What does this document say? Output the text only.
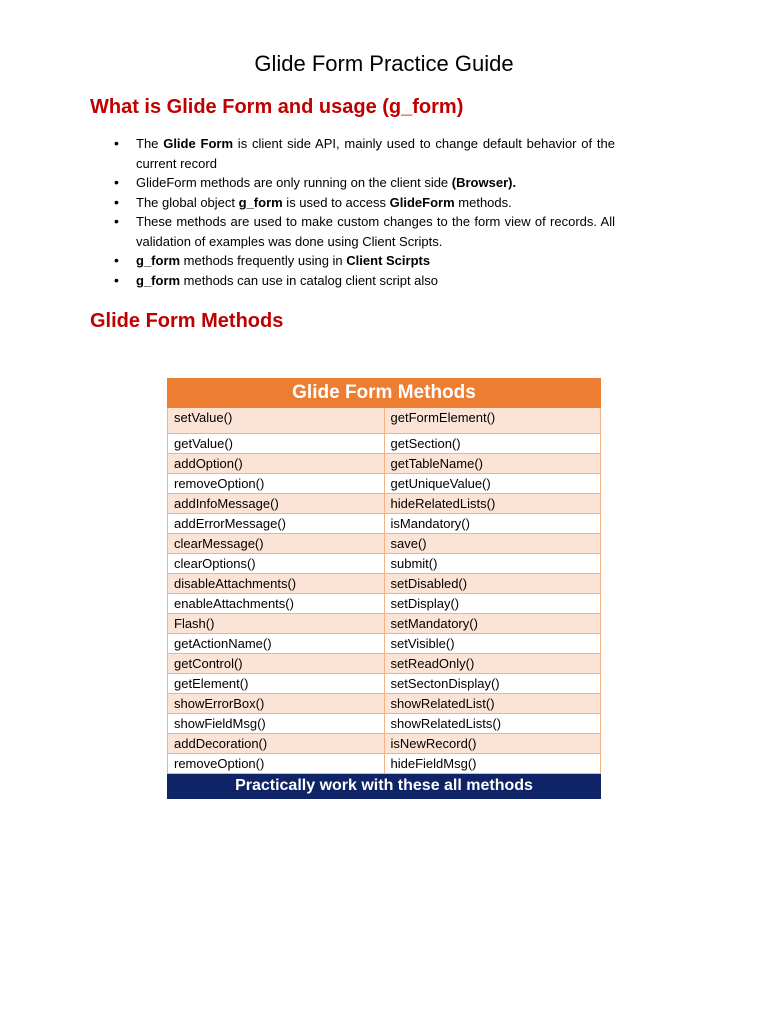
Glide Form Practice Guide
What is Glide Form and usage (g_form)
• The Glide Form is client side API, mainly used to change default behavior of the current record
• GlideForm methods are only running on the client side (Browser).
• The global object g_form is used to access GlideForm methods.
• These methods are used to make custom changes to the form view of records. All validation of examples was done using Client Scripts.
• g_form methods frequently using in Client Scirpts
• g_form methods can use in catalog client script also
Glide Form Methods
Glide Form Methods	
setValue()	getFormElement()
getValue()	getSection()
addOption()	getTableName()
removeOption()	getUniqueValue()
addInfoMessage()	hideRelatedLists()
addErrorMessage()	isMandatory()
clearMessage()	save()
clearOptions()	submit()
disableAttachments()	setDisabled()
enableAttachments()	setDisplay()
Flash()	setMandatory()
getActionName()	setVisible()
getControl()	setReadOnly()
getElement()	setSectonDisplay()
showErrorBox()	showRelatedList()
showFieldMsg()	showRelatedLists()
addDecoration()	isNewRecord()
removeOption()	hideFieldMsg()
Practically work with these all methods	
